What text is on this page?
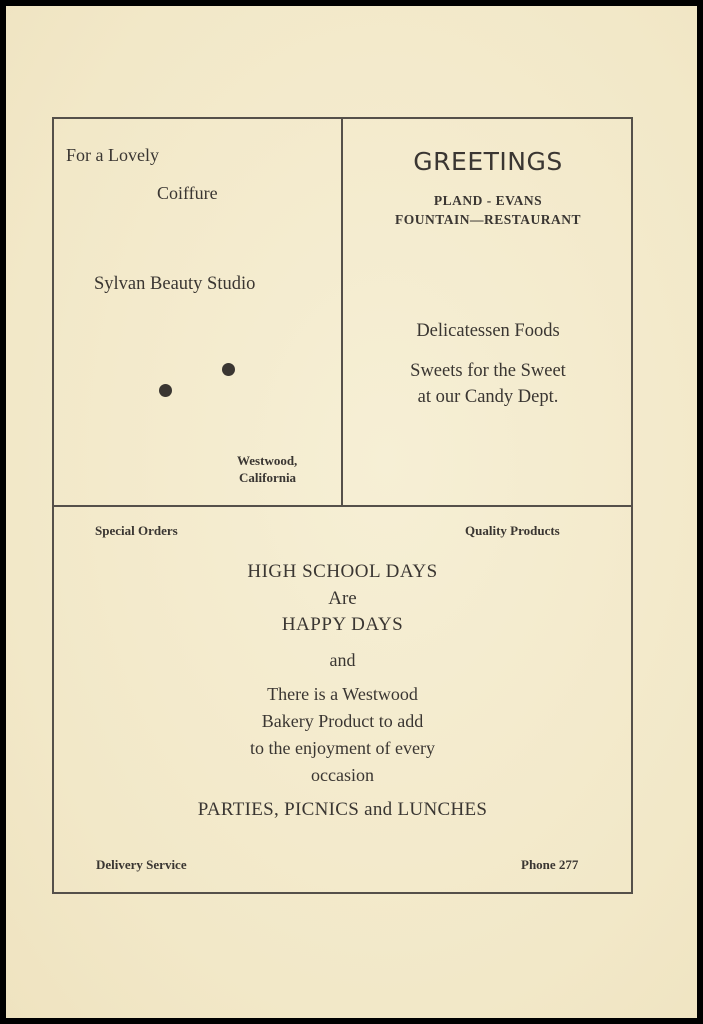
For a Lovely
Coiffure
Sylvan Beauty Studio
Westwood,
California
GREETINGS
PLAND - EVANS
FOUNTAIN—RESTAURANT
Delicatessen Foods
Sweets for the Sweet
at our Candy Dept.
Special Orders	Quality Products
HIGH SCHOOL DAYS
Are
HAPPY DAYS
and
There is a Westwood
Bakery Product to add
to the enjoyment of every
occasion
PARTIES, PICNICS and LUNCHES
Delivery Service	Phone 277
